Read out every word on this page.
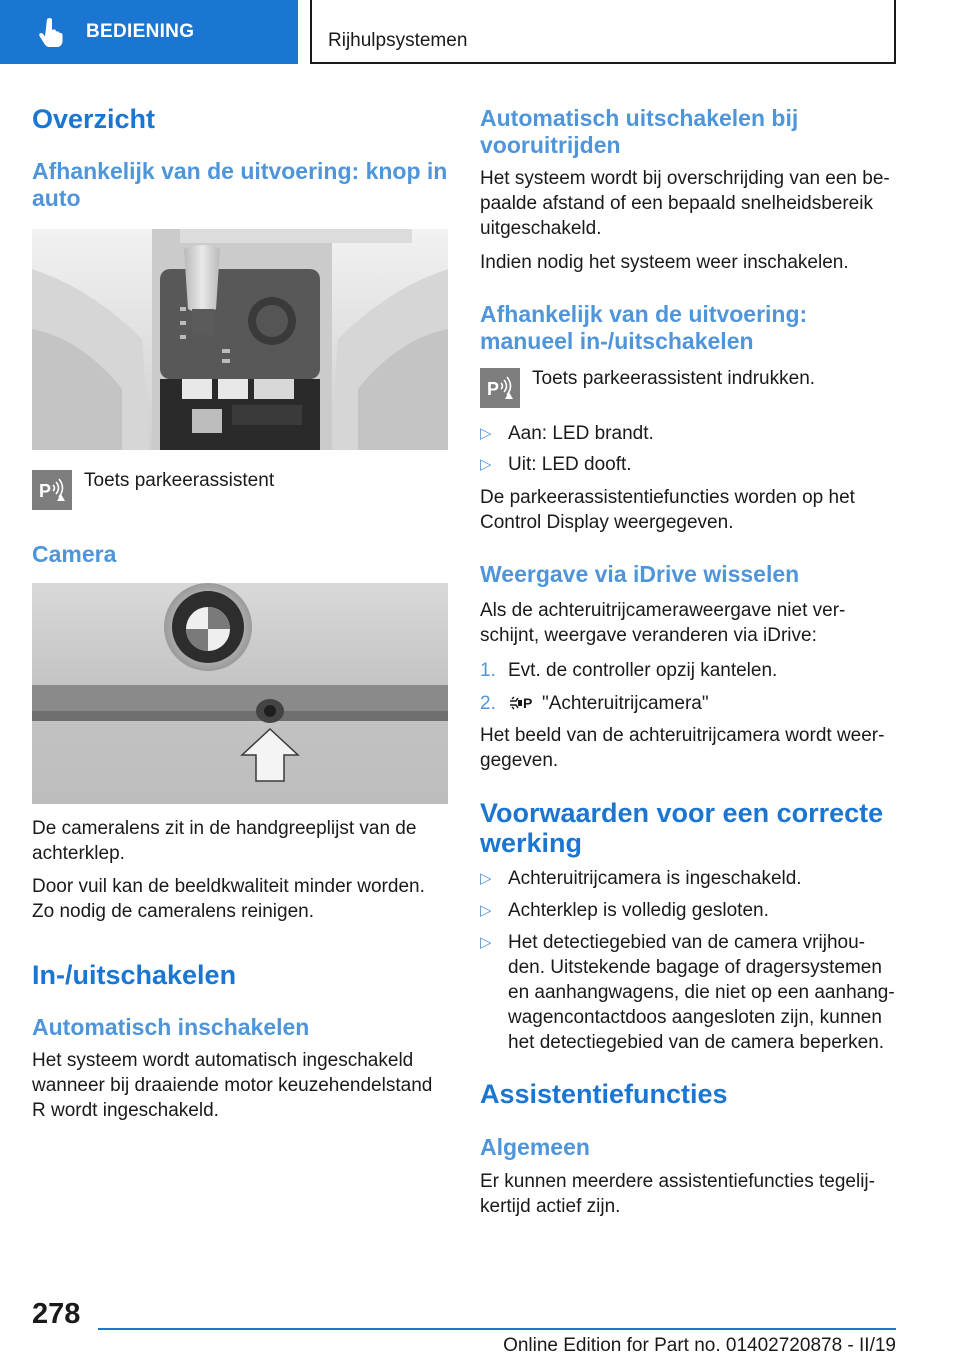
BEDIENING	Rijhulpsystemen
Overzicht
Afhankelijk van de uitvoering: knop in auto
P Toets parkeerassistent
Camera
De cameralens zit in de handgreeplijst van de achterklep.
Door vuil kan de beeldkwaliteit minder worden. Zo nodig de cameralens reinigen.
In-/uitschakelen
Automatisch inschakelen
Het systeem wordt automatisch ingeschakeld wanneer bij draaiende motor keuzehendelstand R wordt ingeschakeld.
Automatisch uitschakelen bij vooruitrijden
Het systeem wordt bij overschrijding van een be-paalde afstand of een bepaald snelheidsbereik uitgeschakeld.
Indien nodig het systeem weer inschakelen.
Afhankelijk van de uitvoering: manueel in-/uitschakelen
P Toets parkeerassistent indrukken.
▷ Aan: LED brandt.
▷ Uit: LED dooft.
De parkeerassistentiefuncties worden op het Control Display weergegeven.
Weergave via iDrive wisselen
Als de achteruitrijcameraweergave niet ver-schijnt, weergave veranderen via iDrive:
1. Evt. de controller opzij kantelen.
2. P "Achteruitrijcamera"
Het beeld van de achteruitrijcamera wordt weer-gegeven.
Voorwaarden voor een correcte werking
▷ Achteruitrijcamera is ingeschakeld.
▷ Achterklep is volledig gesloten.
▷ Het detectiegebied van de camera vrijhou-den. Uitstekende bagage of dragersystemen en aanhangwagens, die niet op een aanhang-wagencontactdoos aangesloten zijn, kunnen het detectiegebied van de camera beperken.
Assistentiefuncties
Algemeen
Er kunnen meerdere assistentiefuncties tegelij-kertijd actief zijn.
278
Online Edition for Part no. 01402720878 - II/19
